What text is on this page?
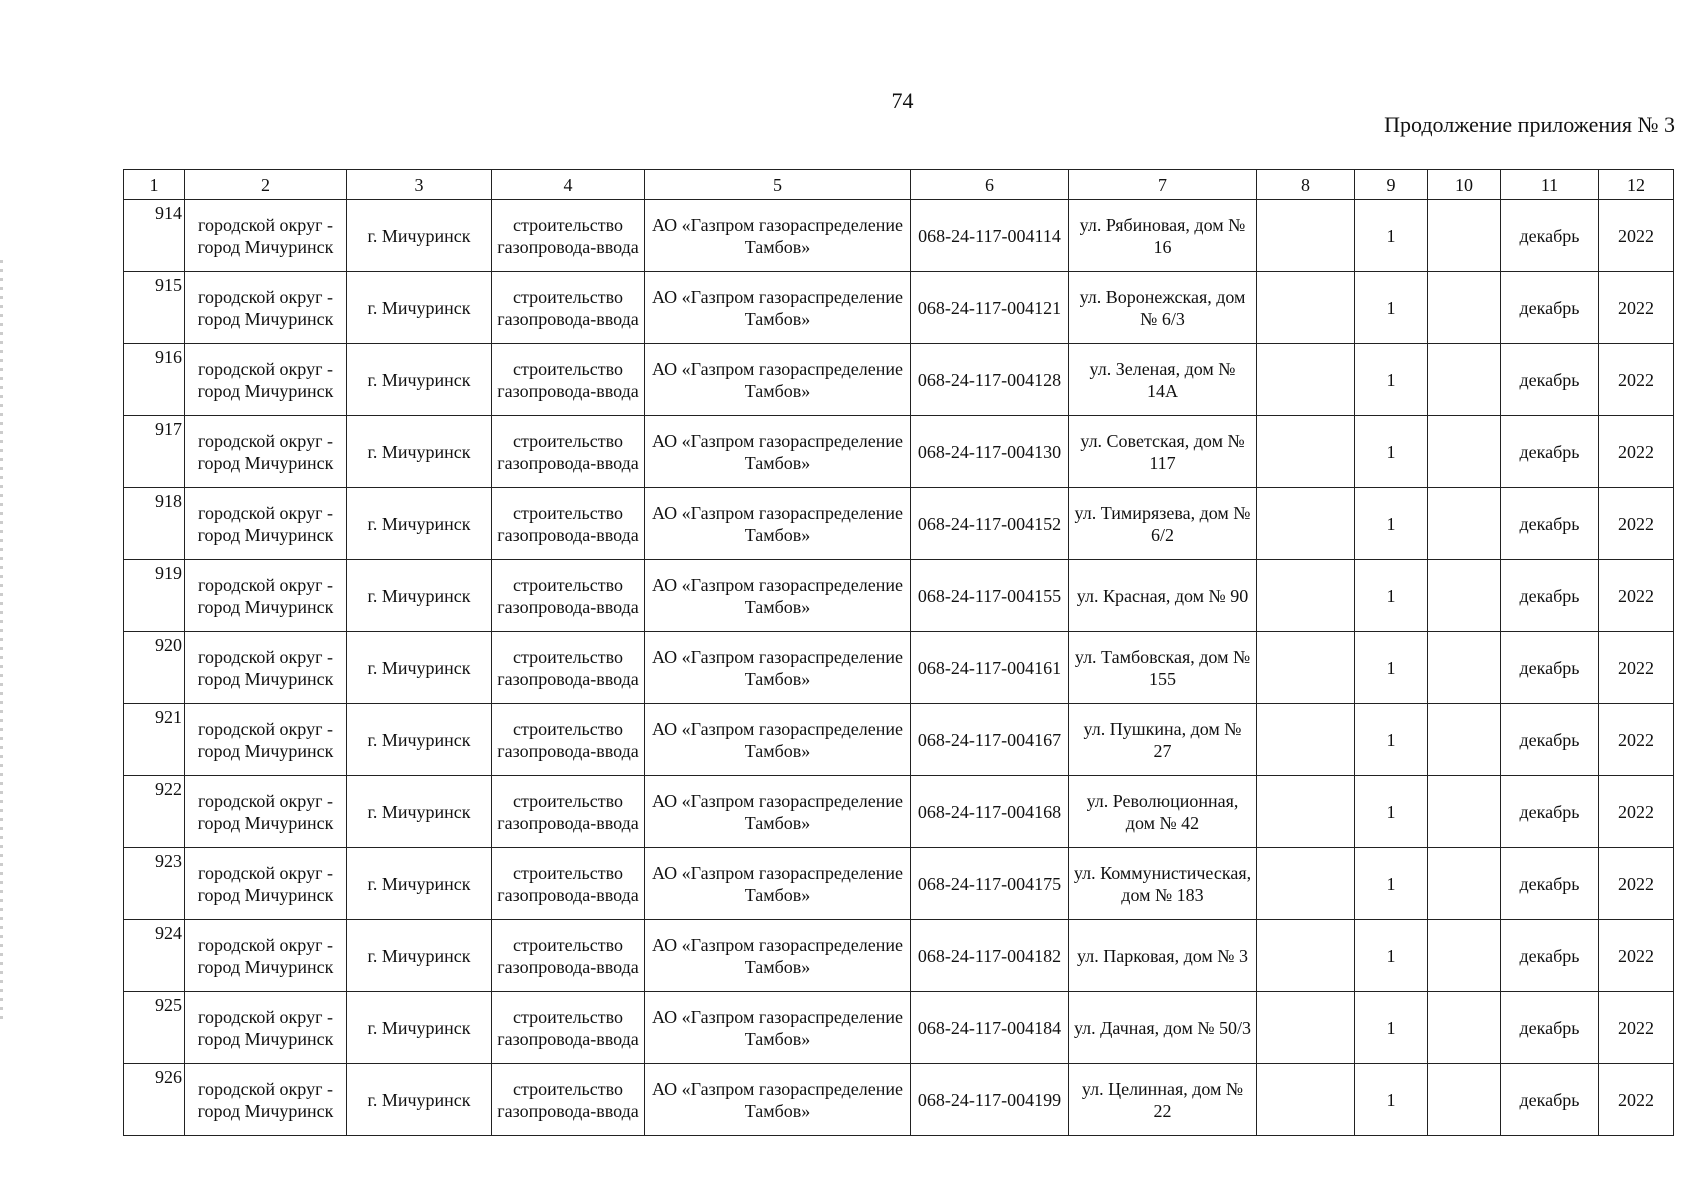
74
Продолжение приложения № 3
1	2	3	4	5	6	7	8	9	10	11	12
914	городской округ - город Мичуринск	г. Мичуринск	строительство газопровода-ввода	АО «Газпром газораспределение Тамбов»	068-24-117-004114	ул. Рябиновая, дом № 16		1		декабрь	2022
915	городской округ - город Мичуринск	г. Мичуринск	строительство газопровода-ввода	АО «Газпром газораспределение Тамбов»	068-24-117-004121	ул. Воронежская, дом № 6/3		1		декабрь	2022
916	городской округ - город Мичуринск	г. Мичуринск	строительство газопровода-ввода	АО «Газпром газораспределение Тамбов»	068-24-117-004128	ул. Зеленая, дом № 14А		1		декабрь	2022
917	городской округ - город Мичуринск	г. Мичуринск	строительство газопровода-ввода	АО «Газпром газораспределение Тамбов»	068-24-117-004130	ул. Советская, дом № 117		1		декабрь	2022
918	городской округ - город Мичуринск	г. Мичуринск	строительство газопровода-ввода	АО «Газпром газораспределение Тамбов»	068-24-117-004152	ул. Тимирязева, дом № 6/2		1		декабрь	2022
919	городской округ - город Мичуринск	г. Мичуринск	строительство газопровода-ввода	АО «Газпром газораспределение Тамбов»	068-24-117-004155	ул. Красная, дом № 90		1		декабрь	2022
920	городской округ - город Мичуринск	г. Мичуринск	строительство газопровода-ввода	АО «Газпром газораспределение Тамбов»	068-24-117-004161	ул. Тамбовская, дом № 155		1		декабрь	2022
921	городской округ - город Мичуринск	г. Мичуринск	строительство газопровода-ввода	АО «Газпром газораспределение Тамбов»	068-24-117-004167	ул. Пушкина, дом № 27		1		декабрь	2022
922	городской округ - город Мичуринск	г. Мичуринск	строительство газопровода-ввода	АО «Газпром газораспределение Тамбов»	068-24-117-004168	ул. Революционная, дом № 42		1		декабрь	2022
923	городской округ - город Мичуринск	г. Мичуринск	строительство газопровода-ввода	АО «Газпром газораспределение Тамбов»	068-24-117-004175	ул. Коммунистическая, дом № 183		1		декабрь	2022
924	городской округ - город Мичуринск	г. Мичуринск	строительство газопровода-ввода	АО «Газпром газораспределение Тамбов»	068-24-117-004182	ул. Парковая, дом № 3		1		декабрь	2022
925	городской округ - город Мичуринск	г. Мичуринск	строительство газопровода-ввода	АО «Газпром газораспределение Тамбов»	068-24-117-004184	ул. Дачная, дом № 50/3		1		декабрь	2022
926	городской округ - город Мичуринск	г. Мичуринск	строительство газопровода-ввода	АО «Газпром газораспределение Тамбов»	068-24-117-004199	ул. Целинная, дом № 22		1		декабрь	2022
